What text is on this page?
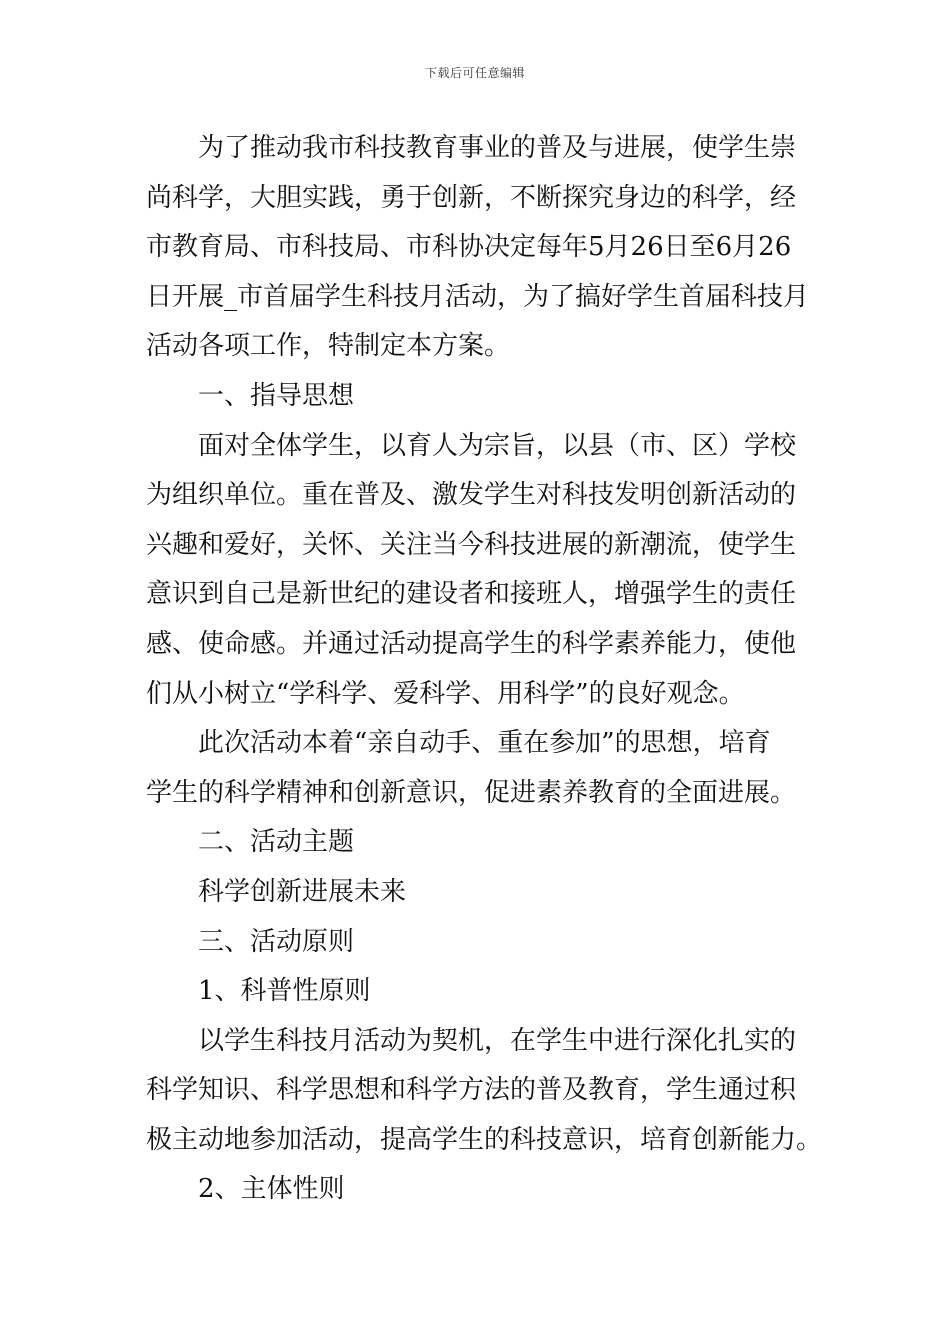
下载后可任意编辑

为了推动我市科技教育事业的普及与进展，使学生崇
尚科学，大胆实践，勇于创新，不断探究身边的科学，经
市教育局、市科技局、市科协决定每年5月26日至6月26
日开展_市首届学生科技月活动，为了搞好学生首届科技月
活动各项工作，特制定本方案。

一、指导思想

面对全体学生，以育人为宗旨，以县（市、区）学校
为组织单位。重在普及、激发学生对科技发明创新活动的
兴趣和爱好，关怀、关注当今科技进展的新潮流，使学生
意识到自己是新世纪的建设者和接班人，增强学生的责任
感、使命感。并通过活动提高学生的科学素养能力，使他
们从小树立“学科学、爱科学、用科学”的良好观念。

此次活动本着“亲自动手、重在参加”的思想，培育
学生的科学精神和创新意识，促进素养教育的全面进展。

二、活动主题

科学创新进展未来

三、活动原则

1、科普性原则

以学生科技月活动为契机，在学生中进行深化扎实的
科学知识、科学思想和科学方法的普及教育，学生通过积
极主动地参加活动，提高学生的科技意识，培育创新能力。

2、主体性则
